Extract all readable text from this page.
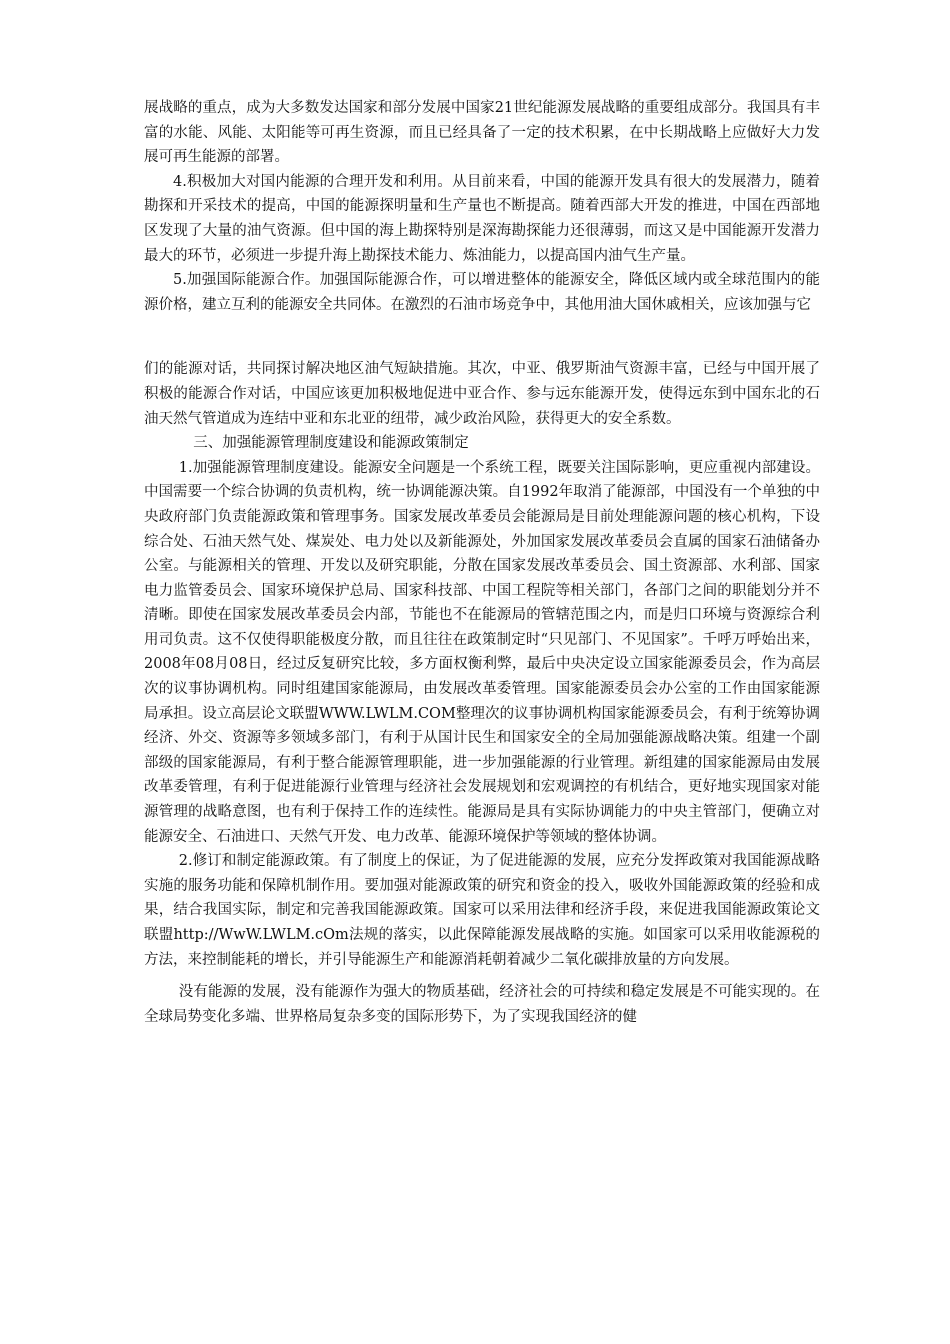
展战略的重点，成为大多数发达国家和部分发展中国家21世纪能源发展战略的重要组成部分。我国具有丰富的水能、风能、太阳能等可再生资源，而且已经具备了一定的技术积累，在中长期战略上应做好大力发展可再生能源的部署。

4.积极加大对国内能源的合理开发和利用。从目前来看，中国的能源开发具有很大的发展潜力，随着勘探和开采技术的提高，中国的能源探明量和生产量也不断提高。随着西部大开发的推进，中国在西部地区发现了大量的油气资源。但中国的海上勘探特别是深海勘探能力还很薄弱，而这又是中国能源开发潜力最大的环节，必须进一步提升海上勘探技术能力、炼油能力，以提高国内油气生产量。

5.加强国际能源合作。加强国际能源合作，可以增进整体的能源安全，降低区域内或全球范围内的能源价格，建立互利的能源安全共同体。在激烈的石油市场竞争中，其他用油大国休戚相关，应该加强与它

们的能源对话，共同探讨解决地区油气短缺措施。其次，中亚、俄罗斯油气资源丰富，已经与中国开展了积极的能源合作对话，中国应该更加积极地促进中亚合作、参与远东能源开发，使得远东到中国东北的石油天然气管道成为连结中亚和东北亚的纽带，减少政治风险，获得更大的安全系数。

三、加强能源管理制度建设和能源政策制定

1.加强能源管理制度建设。能源安全问题是一个系统工程，既要关注国际影响，更应重视内部建设。中国需要一个综合协调的负责机构，统一协调能源决策。自1992年取消了能源部，中国没有一个单独的中央政府部门负责能源政策和管理事务。国家发展改革委员会能源局是目前处理能源问题的核心机构，下设综合处、石油天然气处、煤炭处、电力处以及新能源处，外加国家发展改革委员会直属的国家石油储备办公室。与能源相关的管理、开发以及研究职能，分散在国家发展改革委员会、国土资源部、水利部、国家电力监管委员会、国家环境保护总局、国家科技部、中国工程院等相关部门，各部门之间的职能划分并不清晰。即使在国家发展改革委员会内部，节能也不在能源局的管辖范围之内，而是归口环境与资源综合利用司负责。这不仅使得职能极度分散，而且往往在政策制定时“只见部门、不见国家”。千呼万呼始出来，2008年08月08日，经过反复研究比较，多方面权衡利弊，最后中央决定设立国家能源委员会，作为高层次的议事协调机构。同时组建国家能源局，由发展改革委管理。国家能源委员会办公室的工作由国家能源局承担。设立高层论文联盟WWW.LWLM.COM整理次的议事协调机构国家能源委员会，有利于统筹协调经济、外交、资源等多领域多部门，有利于从国计民生和国家安全的全局加强能源战略决策。组建一个副部级的国家能源局，有利于整合能源管理职能，进一步加强能源的行业管理。新组建的国家能源局由发展改革委管理，有利于促进能源行业管理与经济社会发展规划和宏观调控的有机结合，更好地实现国家对能源管理的战略意图，也有利于保持工作的连续性。能源局是具有实际协调能力的中央主管部门，便确立对能源安全、石油进口、天然气开发、电力改革、能源环境保护等领域的整体协调。

2.修订和制定能源政策。有了制度上的保证，为了促进能源的发展，应充分发挥政策对我国能源战略实施的服务功能和保障机制作用。要加强对能源政策的研究和资金的投入，吸收外国能源政策的经验和成果，结合我国实际，制定和完善我国能源政策。国家可以采用法律和经济手段，来促进我国能源政策论文联盟http://WwW.LWLM.cOm法规的落实，以此保障能源发展战略的实施。如国家可以采用收能源税的方法，来控制能耗的增长，并引导能源生产和能源消耗朝着减少二氧化碳排放量的方向发展。

没有能源的发展，没有能源作为强大的物质基础，经济社会的可持续和稳定发展是不可能实现的。在全球局势变化多端、世界格局复杂多变的国际形势下，为了实现我国经济的健
